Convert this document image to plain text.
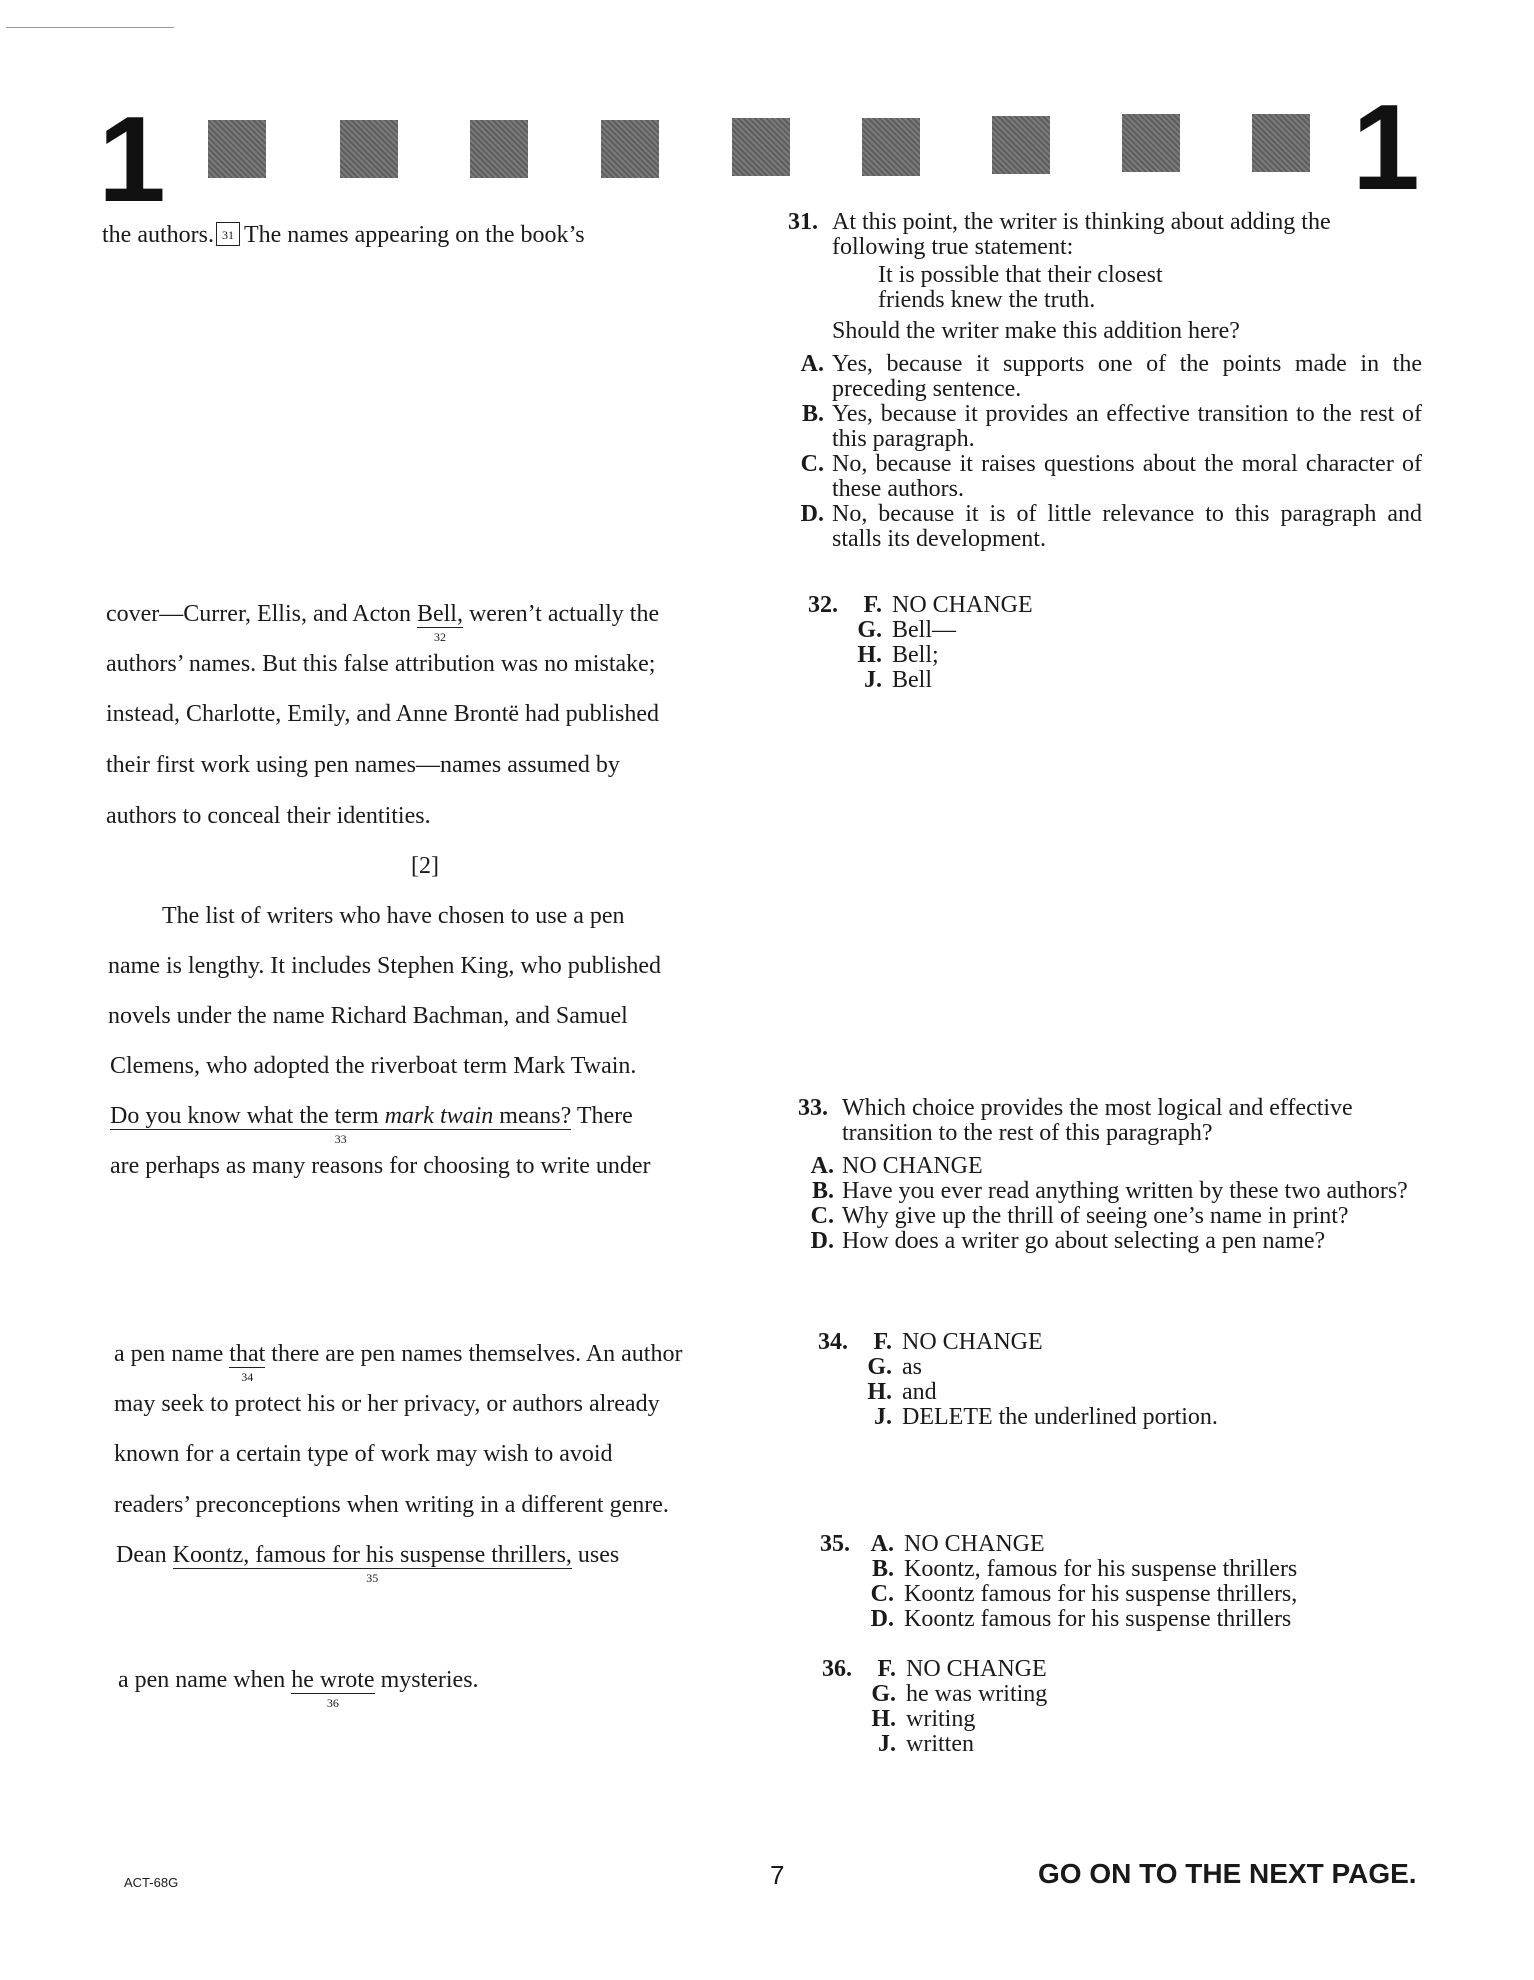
1	1
the authors. 31 The names appearing on the book’s
cover—Currer, Ellis, and Acton Bell,
32
weren’t actually the
authors’ names. But this false attribution was no mistake;
instead, Charlotte, Emily, and Anne Brontë had published
their first work using pen names—names assumed by
authors to conceal their identities.
[2]
The list of writers who have chosen to use a pen
name is lengthy. It includes Stephen King, who published
novels under the name Richard Bachman, and Samuel
Clemens, who adopted the riverboat term Mark Twain.
Do you know what the term mark twain means?
33
There
are perhaps as many reasons for choosing to write under
a pen name that
34
there are pen names themselves. An author
may seek to protect his or her privacy, or authors already
known for a certain type of work may wish to avoid
readers’ preconceptions when writing in a different genre.
Dean Koontz, famous for his suspense thrillers,
35
uses
a pen name when he wrote
36
mysteries.
31. At this point, the writer is thinking about adding the following true statement:
It is possible that their closest friends knew the truth.
Should the writer make this addition here?
A. Yes, because it supports one of the points made in the preceding sentence.
B. Yes, because it provides an effective transition to the rest of this paragraph.
C. No, because it raises questions about the moral character of these authors.
D. No, because it is of little relevance to this paragraph and stalls its development.
32.	F. NO CHANGE
G. Bell—
H. Bell;
J. Bell
33. Which choice provides the most logical and effective transition to the rest of this paragraph?
A. NO CHANGE
B. Have you ever read anything written by these two authors?
C. Why give up the thrill of seeing one’s name in print?
D. How does a writer go about selecting a pen name?
34.	F. NO CHANGE
G. as
H. and
J. DELETE the underlined portion.
35. A. NO CHANGE
B. Koontz, famous for his suspense thrillers
C. Koontz famous for his suspense thrillers,
D. Koontz famous for his suspense thrillers
36.	F. NO CHANGE
G. he was writing
H. writing
J. written
ACT-68G	7	GO ON TO THE NEXT PAGE.
